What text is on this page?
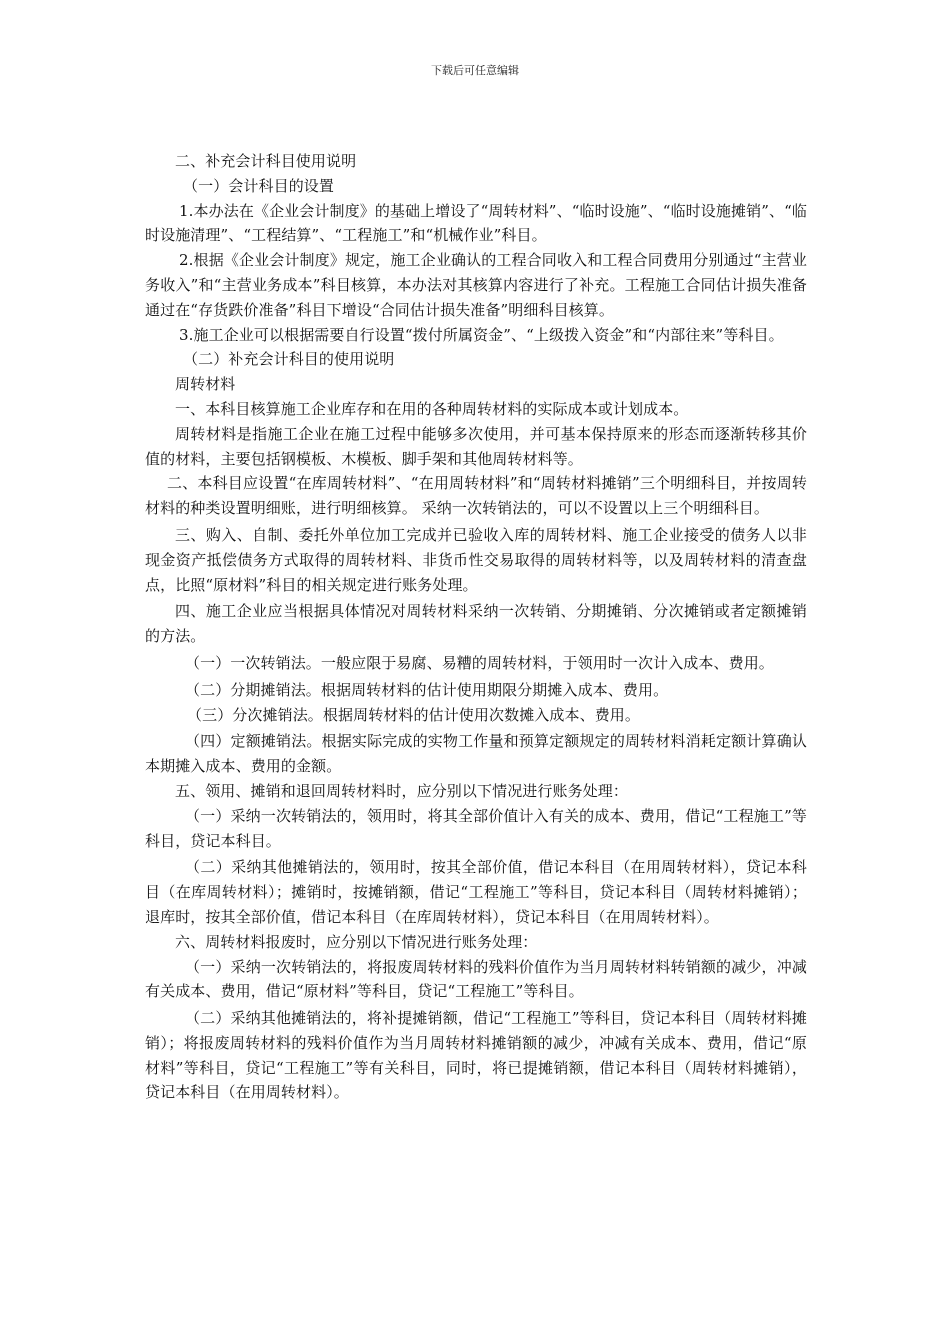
下载后可任意编辑

二、补充会计科目使用说明

（一）会计科目的设置

1.本办法在《企业会计制度》的基础上增设了“周转材料”、“临时设施”、“临时设施摊销”、“临时设施清理”、“工程结算”、“工程施工”和“机械作业”科目。

2.根据《企业会计制度》规定，施工企业确认的工程合同收入和工程合同费用分别通过“主营业务收入”和“主营业务成本”科目核算，本办法对其核算内容进行了补充。工程施工合同估计损失准备通过在“存货跌价准备”科目下增设“合同估计损失准备”明细科目核算。

3.施工企业可以根据需要自行设置“拨付所属资金”、“上级拨入资金”和“内部往来”等科目。

（二）补充会计科目的使用说明

周转材料

一、本科目核算施工企业库存和在用的各种周转材料的实际成本或计划成本。

周转材料是指施工企业在施工过程中能够多次使用，并可基本保持原来的形态而逐渐转移其价值的材料，主要包括钢模板、木模板、脚手架和其他周转材料等。

二、本科目应设置“在库周转材料”、“在用周转材料”和“周转材料摊销”三个明细科目，并按周转材料的种类设置明细账，进行明细核算。 采纳一次转销法的，可以不设置以上三个明细科目。

三、购入、自制、委托外单位加工完成并已验收入库的周转材料、施工企业接受的债务人以非现金资产抵偿债务方式取得的周转材料、非货币性交易取得的周转材料等，以及周转材料的清查盘点，比照“原材料”科目的相关规定进行账务处理。

四、施工企业应当根据具体情况对周转材料采纳一次转销、分期摊销、分次摊销或者定额摊销的方法。

（一）一次转销法。一般应限于易腐、易糟的周转材料，于领用时一次计入成本、费用。

（二）分期摊销法。根据周转材料的估计使用期限分期摊入成本、费用。

（三）分次摊销法。根据周转材料的估计使用次数摊入成本、费用。

（四）定额摊销法。根据实际完成的实物工作量和预算定额规定的周转材料消耗定额计算确认本期摊入成本、费用的金额。

五、领用、摊销和退回周转材料时，应分别以下情况进行账务处理：

（一）采纳一次转销法的，领用时，将其全部价值计入有关的成本、费用，借记“工程施工”等科目，贷记本科目。

（二）采纳其他摊销法的，领用时，按其全部价值，借记本科目（在用周转材料），贷记本科目（在库周转材料）；摊销时，按摊销额，借记“工程施工”等科目，贷记本科目（周转材料摊销）；退库时，按其全部价值，借记本科目（在库周转材料），贷记本科目（在用周转材料）。

六、周转材料报废时，应分别以下情况进行账务处理：

（一）采纳一次转销法的，将报废周转材料的残料价值作为当月周转材料转销额的减少，冲减有关成本、费用，借记“原材料”等科目，贷记“工程施工”等科目。

（二）采纳其他摊销法的，将补提摊销额，借记“工程施工”等科目，贷记本科目（周转材料摊销）；将报废周转材料的残料价值作为当月周转材料摊销额的减少，冲减有关成本、费用，借记“原材料”等科目，贷记“工程施工”等有关科目，同时，将已提摊销额，借记本科目（周转材料摊销），贷记本科目（在用周转材料）。
